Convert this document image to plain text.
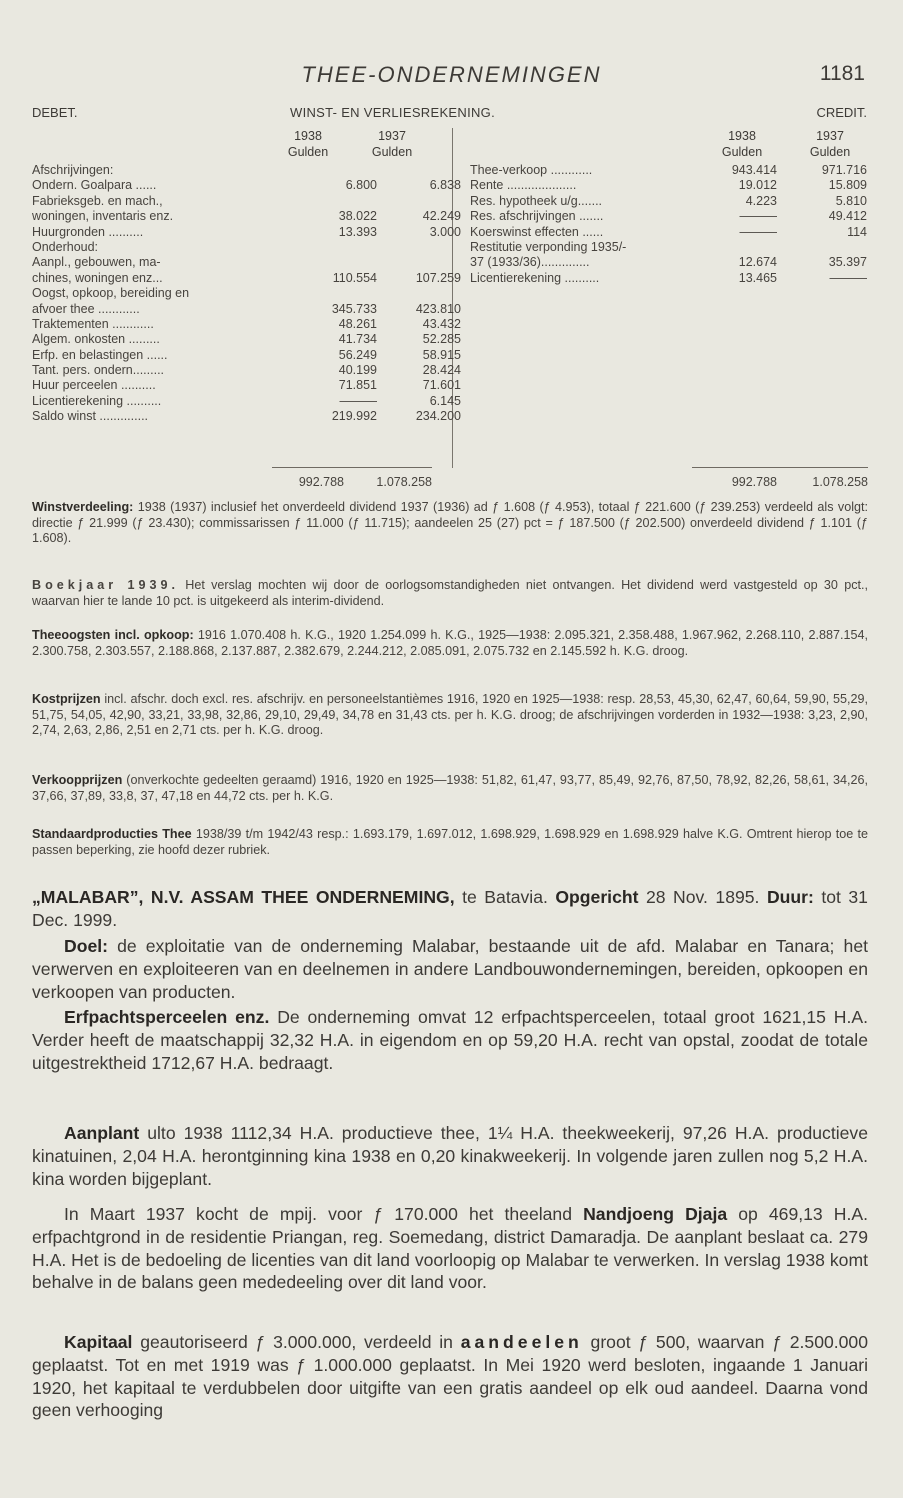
THEE-ONDERNEMINGEN	1181
DEBET.	WINST- EN VERLIESREKENING.	CREDIT.
1938
Gulden
1937
Gulden
1938
Gulden
1937
Gulden
Afschrijvingen:		
Ondern. Goalpara ......	6.800	6.838
Fabrieksgeb. en mach.,		
woningen, inventaris enz.	38.022	42.249
Huurgronden ..........	13.393	3.000
Onderhoud:		
Aanpl., gebouwen, ma-		
chines, woningen enz...	110.554	107.259
Oogst, opkoop, bereiding en		
afvoer thee ............	345.733	423.810
Traktementen ............	48.261	43.432
Algem. onkosten .........	41.734	52.285
Erfp. en belastingen ......	56.249	58.915
Tant. pers. ondern.........	40.199	28.424
Huur perceelen ..........	71.851	71.601
Licentierekening ..........	———	6.145
Saldo winst ..............	219.992	234.200
Thee-verkoop ............	943.414	971.716
Rente ....................	19.012	15.809
Res. hypotheek u/g.......	4.223	5.810
Res. afschrijvingen .......	———	49.412
Koerswinst effecten ......	———	114
Restitutie verponding 1935/-		
37 (1933/36)..............	12.674	35.397
Licentierekening ..........	13.465	———
992.788	1.078.258	992.788	1.078.258
Winstverdeeling: 1938 (1937) inclusief het onverdeeld dividend 1937 (1936) ad ƒ 1.608 (ƒ 4.953), totaal ƒ 221.600 (ƒ 239.253) verdeeld als volgt: directie ƒ 21.999 (ƒ 23.430); commissarissen ƒ 11.000 (ƒ 11.715); aandeelen 25 (27) pct = ƒ 187.500 (ƒ 202.500) onverdeeld dividend ƒ 1.101 (ƒ 1.608).
Boekjaar 1939. Het verslag mochten wij door de oorlogsomstandigheden niet ontvangen. Het dividend werd vastgesteld op 30 pct., waarvan hier te lande 10 pct. is uitgekeerd als interim-dividend.
Theeoogsten incl. opkoop: 1916 1.070.408 h. K.G., 1920 1.254.099 h. K.G., 1925—1938: 2.095.321, 2.358.488, 1.967.962, 2.268.110, 2.887.154, 2.300.758, 2.303.557, 2.188.868, 2.137.887, 2.382.679, 2.244.212, 2.085.091, 2.075.732 en 2.145.592 h. K.G. droog.
Kostprijzen incl. afschr. doch excl. res. afschrijv. en personeelstantièmes 1916, 1920 en 1925—1938: resp. 28,53, 45,30, 62,47, 60,64, 59,90, 55,29, 51,75, 54,05, 42,90, 33,21, 33,98, 32,86, 29,10, 29,49, 34,78 en 31,43 cts. per h. K.G. droog; de afschrijvingen vorderden in 1932—1938: 3,23, 2,90, 2,74, 2,63, 2,86, 2,51 en 2,71 cts. per h. K.G. droog.
Verkoopprijzen (onverkochte gedeelten geraamd) 1916, 1920 en 1925—1938: 51,82, 61,47, 93,77, 85,49, 92,76, 87,50, 78,92, 82,26, 58,61, 34,26, 37,66, 37,89, 33,8, 37, 47,18 en 44,72 cts. per h. K.G.
Standaardproducties Thee 1938/39 t/m 1942/43 resp.: 1.693.179, 1.697.012, 1.698.929, 1.698.929 en 1.698.929 halve K.G. Omtrent hierop toe te passen beperking, zie hoofd dezer rubriek.
„MALABAR”, N.V. ASSAM THEE ONDERNEMING, te Batavia. Opgericht 28 Nov. 1895. Duur: tot 31 Dec. 1999.
Doel: de exploitatie van de onderneming Malabar, bestaande uit de afd. Malabar en Tanara; het verwerven en exploiteeren van en deelnemen in andere Landbouwondernemingen, bereiden, opkoopen en verkoopen van producten.
Erfpachtsperceelen enz. De onderneming omvat 12 erfpachtsperceelen, totaal groot 1621,15 H.A. Verder heeft de maatschappij 32,32 H.A. in eigendom en op 59,20 H.A. recht van opstal, zoodat de totale uitgestrektheid 1712,67 H.A. bedraagt.
Aanplant ulto 1938 1112,34 H.A. productieve thee, 1¼ H.A. theekweekerij, 97,26 H.A. productieve kinatuinen, 2,04 H.A. herontginning kina 1938 en 0,20 kinakweekerij. In volgende jaren zullen nog 5,2 H.A. kina worden bijgeplant.
In Maart 1937 kocht de mpij. voor ƒ 170.000 het theeland Nandjoeng Djaja op 469,13 H.A. erfpachtgrond in de residentie Priangan, reg. Soemedang, district Damaradja. De aanplant beslaat ca. 279 H.A. Het is de bedoeling de licenties van dit land voorloopig op Malabar te verwerken. In verslag 1938 komt behalve in de balans geen mededeeling over dit land voor.
Kapitaal geautoriseerd ƒ 3.000.000, verdeeld in aandeelen groot ƒ 500, waarvan ƒ 2.500.000 geplaatst. Tot en met 1919 was ƒ 1.000.000 geplaatst. In Mei 1920 werd besloten, ingaande 1 Januari 1920, het kapitaal te verdubbelen door uitgifte van een gratis aandeel op elk oud aandeel. Daarna vond geen verhooging
